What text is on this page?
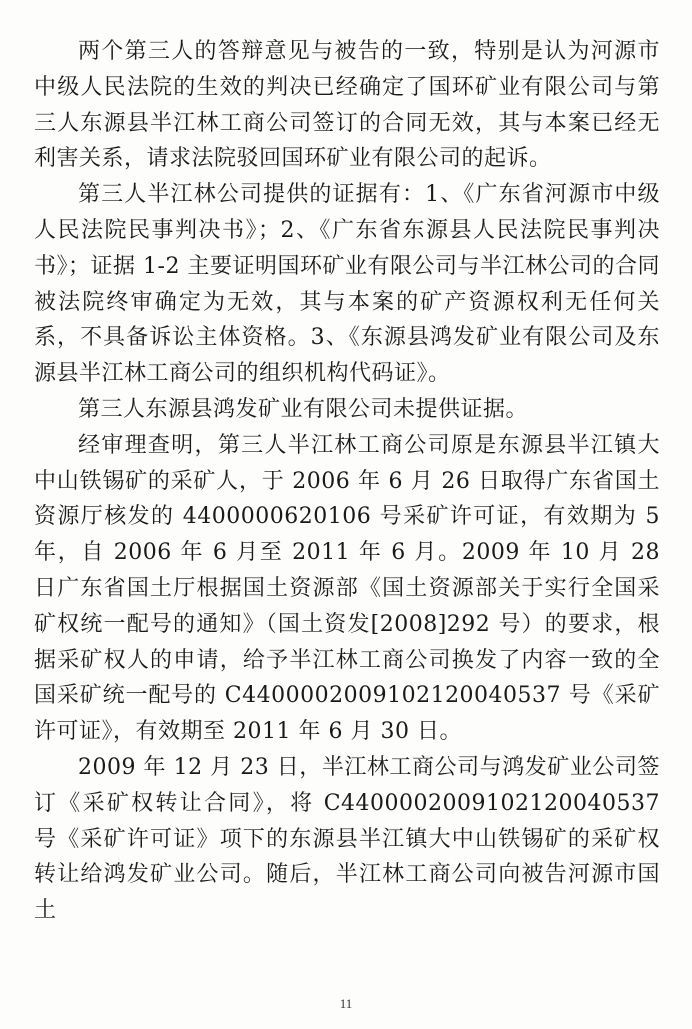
两个第三人的答辩意见与被告的一致，特别是认为河源市中级人民法院的生效的判决已经确定了国环矿业有限公司与第三人东源县半江林工商公司签订的合同无效，其与本案已经无利害关系，请求法院驳回国环矿业有限公司的起诉。

第三人半江林公司提供的证据有：1、《广东省河源市中级人民法院民事判决书》；2、《广东省东源县人民法院民事判决书》；证据 1-2 主要证明国环矿业有限公司与半江林公司的合同被法院终审确定为无效，其与本案的矿产资源权利无任何关系，不具备诉讼主体资格。3、《东源县鸿发矿业有限公司及东源县半江林工商公司的组织机构代码证》。

第三人东源县鸿发矿业有限公司未提供证据。

经审理查明，第三人半江林工商公司原是东源县半江镇大中山铁锡矿的采矿人，于 2006 年 6 月 26 日取得广东省国土资源厅核发的 4400000620106 号采矿许可证，有效期为 5 年，自 2006 年 6 月至 2011 年 6 月。2009 年 10 月 28 日广东省国土厅根据国土资源部《国土资源部关于实行全国采矿权统一配号的通知》（国土资发[2008]292 号）的要求，根据采矿权人的申请，给予半江林工商公司换发了内容一致的全国采矿统一配号的 C4400002009102120040537 号《采矿许可证》，有效期至 2011 年 6 月 30 日。

2009 年 12 月 23 日，半江林工商公司与鸿发矿业公司签订《采矿权转让合同》，将 C4400002009102120040537 号《采矿许可证》项下的东源县半江镇大中山铁锡矿的采矿权转让给鸿发矿业公司。随后，半江林工商公司向被告河源市国土

11
